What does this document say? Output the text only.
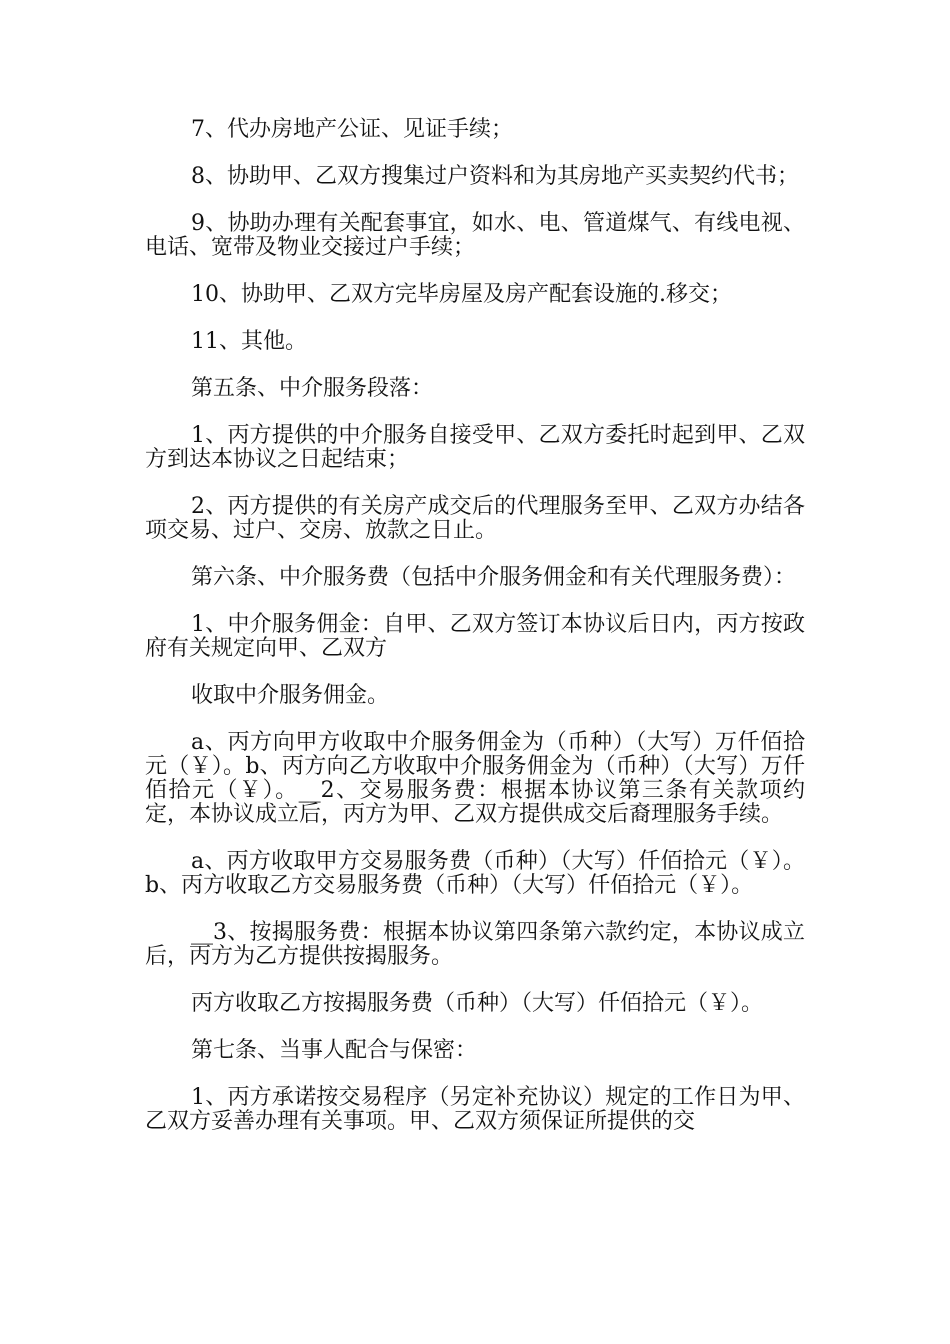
7、代办房地产公证、见证手续；

8、协助甲、乙双方搜集过户资料和为其房地产买卖契约代书；

9、协助办理有关配套事宜，如水、电、管道煤气、有线电视、电话、宽带及物业交接过户手续；

10、协助甲、乙双方完毕房屋及房产配套设施的.移交；

11、其他。

第五条、中介服务段落：

1、丙方提供的中介服务自接受甲、乙双方委托时起到甲、乙双方到达本协议之日起结束；

2、丙方提供的有关房产成交后的代理服务至甲、乙双方办结各项交易、过户、交房、放款之日止。

第六条、中介服务费（包括中介服务佣金和有关代理服务费）：

1、中介服务佣金：自甲、乙双方签订本协议后日内，丙方按政府有关规定向甲、乙双方

收取中介服务佣金。

a、丙方向甲方收取中介服务佣金为（币种）（大写）万仟佰拾元（￥）。b、丙方向乙方收取中介服务佣金为（币种）（大写）万仟佰拾元（￥）。__2、交易服务费：根据本协议第三条有关款项约定，本协议成立后，丙方为甲、乙双方提供成交后裔理服务手续。

a、丙方收取甲方交易服务费（币种）（大写）仟佰拾元（￥）。b、丙方收取乙方交易服务费（币种）（大写）仟佰拾元（￥）。

__3、按揭服务费：根据本协议第四条第六款约定，本协议成立后，丙方为乙方提供按揭服务。

丙方收取乙方按揭服务费（币种）（大写）仟佰拾元（￥）。

第七条、当事人配合与保密：

1、丙方承诺按交易程序（另定补充协议）规定的工作日为甲、乙双方妥善办理有关事项。甲、乙双方须保证所提供的交
